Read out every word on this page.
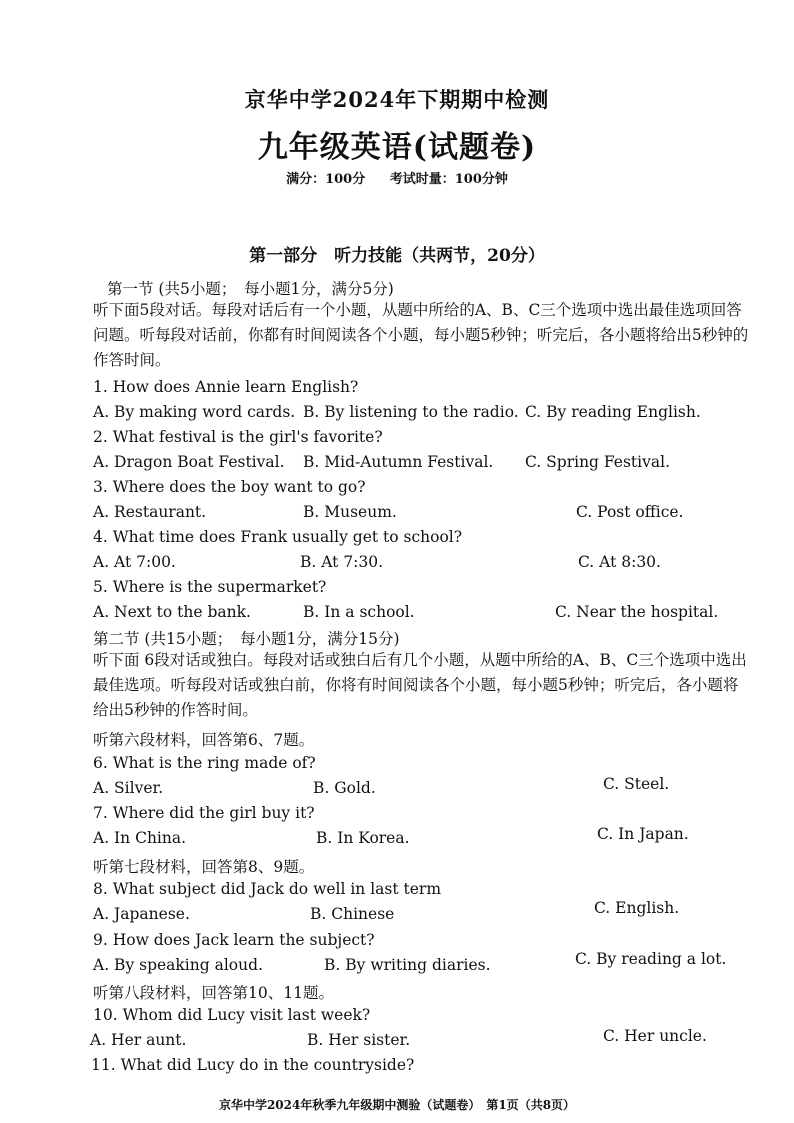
京华中学2024年下期期中检测
九年级英语(试题卷)
满分：100分 考试时量：100分钟
第一部分　听力技能（共两节，20分）
第一节 (共5小题；　每小题1分，满分5分)
听下面5段对话。每段对话后有一个小题，从题中所给的A、B、C三个选项中选出最佳选项回答问题。听每段对话前，你都有时间阅读各个小题，每小题5秒钟；听完后，各小题将给出5秒钟的作答时间。
1. How does Annie learn English?
A. By making word cards. B. By listening to the radio. C. By reading English.
2. What festival is the girl's favorite?
A. Dragon Boat Festival. B. Mid-Autumn Festival. C. Spring Festival.
3. Where does the boy want to go?
A. Restaurant.	B. Museum.	C. Post office.
4. What time does Frank usually get to school?
A. At 7:00.	B. At 7:30.	C. At 8:30.
5. Where is the supermarket?
A. Next to the bank.	B. In a school.	C. Near the hospital.
第二节 (共15小题；　每小题1分，满分15分)
听下面 6段对话或独白。每段对话或独白后有几个小题，从题中所给的A、B、C三个选项中选出最佳选项。听每段对话或独白前，你将有时间阅读各个小题，每小题5秒钟；听完后，各小题将给出5秒钟的作答时间。
听第六段材料，回答第6、7题。
6. What is the ring made of?
A. Silver.	B. Gold.	C. Steel.
7. Where did the girl buy it?
A. In China.	B. In Korea.	C. In Japan.
听第七段材料，回答第8、9题。
8. What subject did Jack do well in last term
A. Japanese.	B. Chinese	C. English.
9. How does Jack learn the subject?
A. By speaking aloud.	B. By writing diaries.	C. By reading a lot.
听第八段材料，回答第10、11题。
10. Whom did Lucy visit last week?
A. Her aunt.	B. Her sister.	C. Her uncle.
11. What did Lucy do in the countryside?
京华中学2024年秋季九年级期中测验（试题卷）　第1页（共8页）
